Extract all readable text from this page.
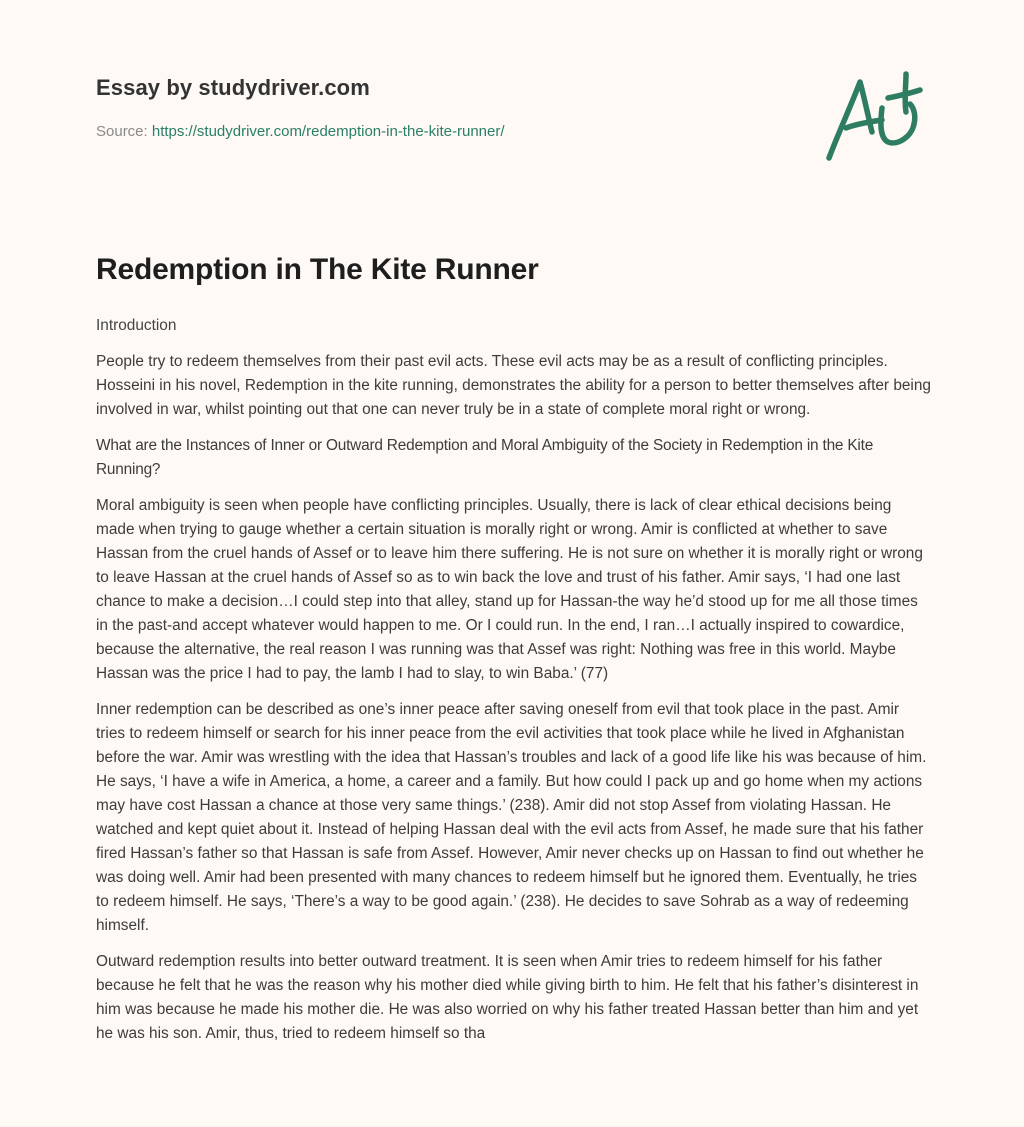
Essay by studydriver.com
Source: https://studydriver.com/redemption-in-the-kite-runner/
Redemption in The Kite Runner

Introduction

People try to redeem themselves from their past evil acts. These evil acts may be as a result of conflicting principles. Hosseini in his novel, Redemption in the kite running, demonstrates the ability for a person to better themselves after being involved in war, whilst pointing out that one can never truly be in a state of complete moral right or wrong.

What are the Instances of Inner or Outward Redemption and Moral Ambiguity of the Society in Redemption in the Kite Running?

Moral ambiguity is seen when people have conflicting principles. Usually, there is lack of clear ethical decisions being made when trying to gauge whether a certain situation is morally right or wrong. Amir is conflicted at whether to save Hassan from the cruel hands of Assef or to leave him there suffering. He is not sure on whether it is morally right or wrong to leave Hassan at the cruel hands of Assef so as to win back the love and trust of his father. Amir says, ‘I had one last chance to make a decision…I could step into that alley, stand up for Hassan-the way he’d stood up for me all those times in the past-and accept whatever would happen to me. Or I could run. In the end, I ran…I actually inspired to cowardice, because the alternative, the real reason I was running was that Assef was right: Nothing was free in this world. Maybe Hassan was the price I had to pay, the lamb I had to slay, to win Baba.’ (77)

Inner redemption can be described as one’s inner peace after saving oneself from evil that took place in the past. Amir tries to redeem himself or search for his inner peace from the evil activities that took place while he lived in Afghanistan before the war. Amir was wrestling with the idea that Hassan’s troubles and lack of a good life like his was because of him. He says, ‘I have a wife in America, a home, a career and a family. But how could I pack up and go home when my actions may have cost Hassan a chance at those very same things.’ (238). Amir did not stop Assef from violating Hassan. He watched and kept quiet about it. Instead of helping Hassan deal with the evil acts from Assef, he made sure that his father fired Hassan’s father so that Hassan is safe from Assef. However, Amir never checks up on Hassan to find out whether he was doing well. Amir had been presented with many chances to redeem himself but he ignored them. Eventually, he tries to redeem himself. He says, ‘There’s a way to be good again.’ (238). He decides to save Sohrab as a way of redeeming himself.

Outward redemption results into better outward treatment. It is seen when Amir tries to redeem himself for his father because he felt that he was the reason why his mother died while giving birth to him. He felt that his father’s disinterest in him was because he made his mother die. He was also worried on why his father treated Hassan better than him and yet he was his son. Amir, thus, tried to redeem himself so tha
